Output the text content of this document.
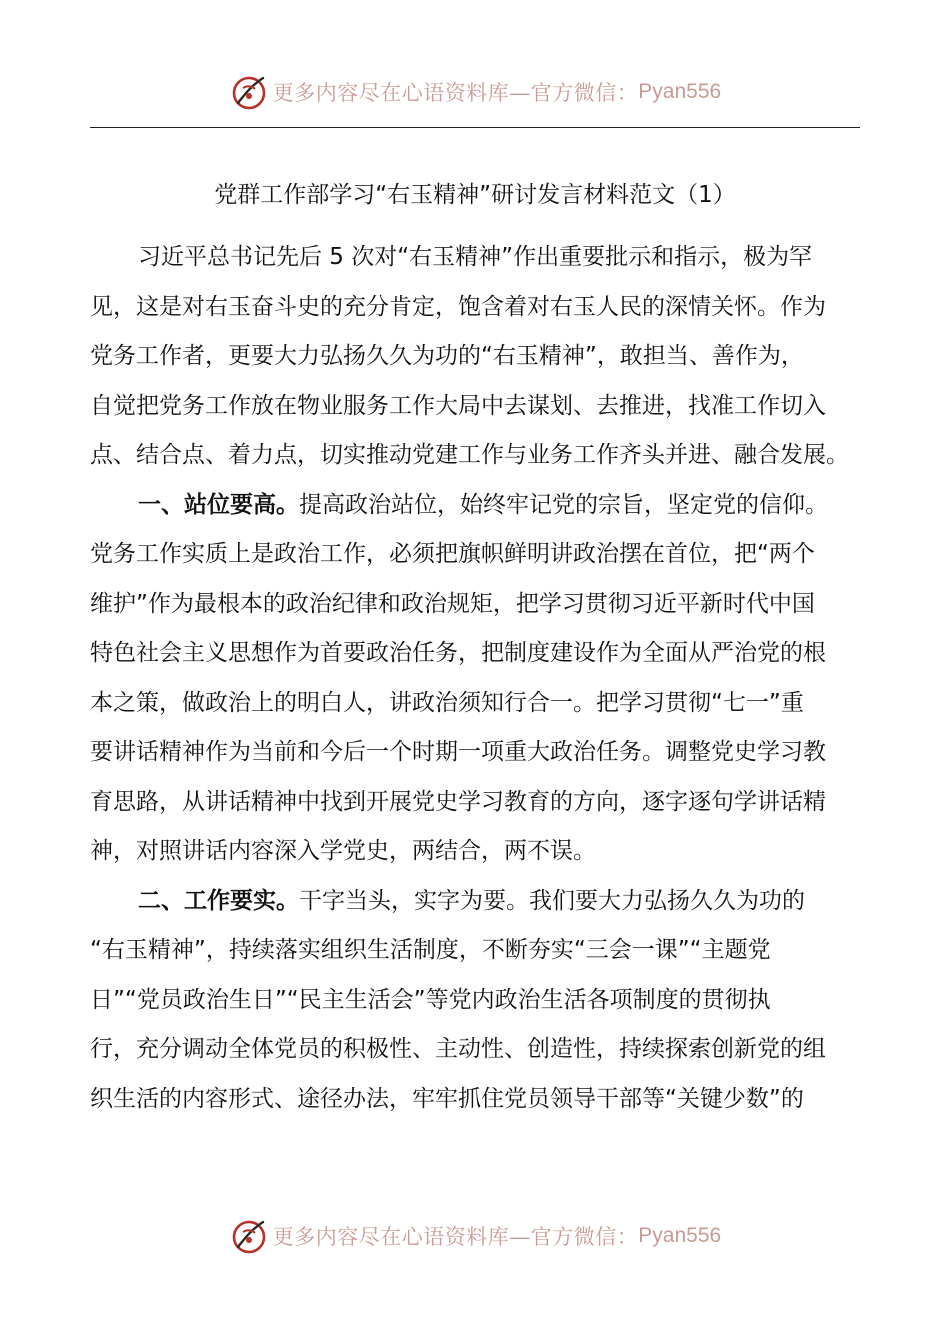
更多内容尽在心语资料库—官方微信： Pyan556
党群工作部学习“右玉精神”研讨发言材料范文（1）
习近平总书记先后 5 次对“右玉精神”作出重要批示和指示，极为罕
见，这是对右玉奋斗史的充分肯定，饱含着对右玉人民的深情关怀。作为
党务工作者，更要大力弘扬久久为功的“右玉精神”，敢担当、善作为，
自觉把党务工作放在物业服务工作大局中去谋划、去推进，找准工作切入
点、结合点、着力点，切实推动党建工作与业务工作齐头并进、融合发展。
一、站位要高。提高政治站位，始终牢记党的宗旨，坚定党的信仰。
党务工作实质上是政治工作，必须把旗帜鲜明讲政治摆在首位，把“两个
维护”作为最根本的政治纪律和政治规矩，把学习贯彻习近平新时代中国
特色社会主义思想作为首要政治任务，把制度建设作为全面从严治党的根
本之策，做政治上的明白人，讲政治须知行合一。把学习贯彻“七一”重
要讲话精神作为当前和今后一个时期一项重大政治任务。调整党史学习教
育思路，从讲话精神中找到开展党史学习教育的方向，逐字逐句学讲话精
神，对照讲话内容深入学党史，两结合，两不误。
二、工作要实。干字当头，实字为要。我们要大力弘扬久久为功的
“右玉精神”，持续落实组织生活制度，不断夯实“三会一课”“主题党
日”“党员政治生日”“民主生活会”等党内政治生活各项制度的贯彻执
行，充分调动全体党员的积极性、主动性、创造性，持续探索创新党的组
织生活的内容形式、途径办法，牢牢抓住党员领导干部等“关键少数”的
更多内容尽在心语资料库—官方微信： Pyan556
